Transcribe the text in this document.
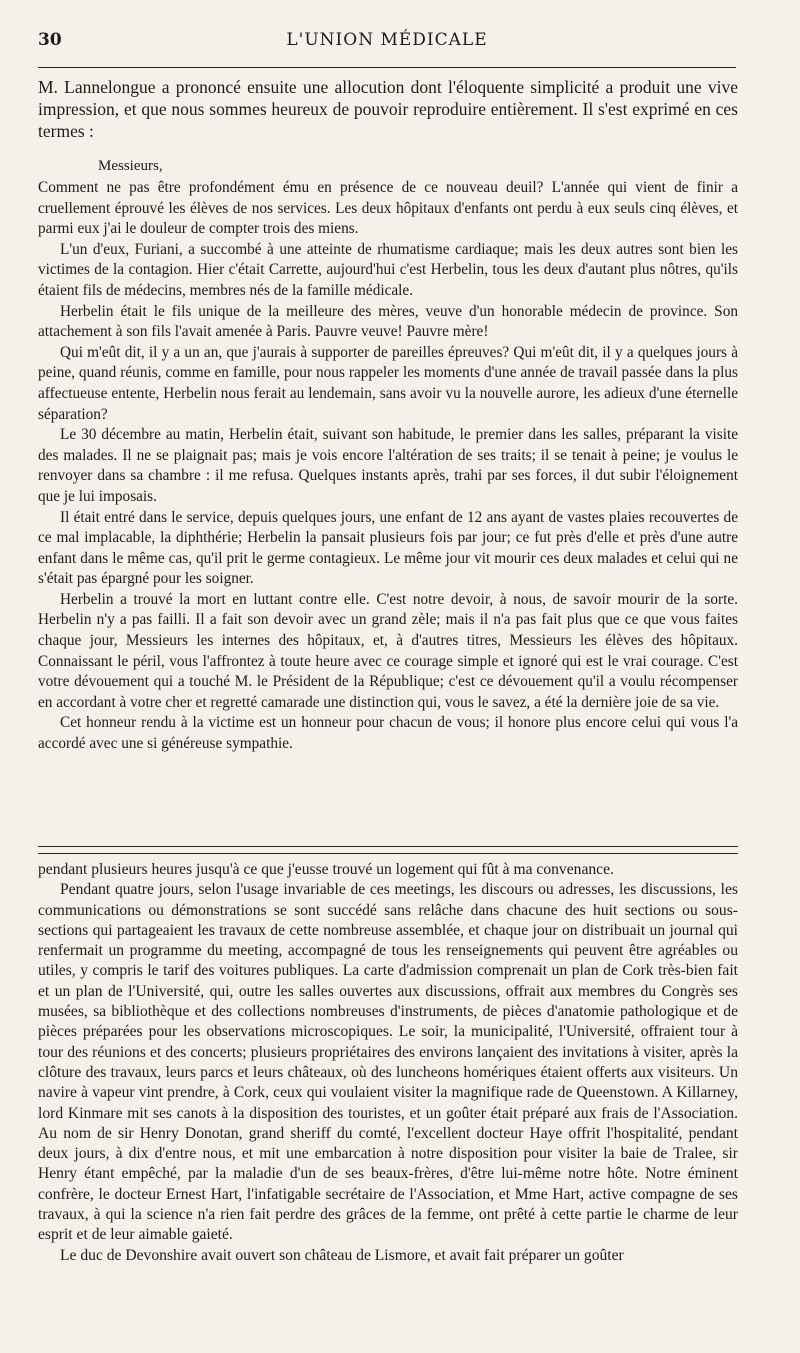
30	L'UNION MÉDICALE

M. Lannelongue a prononcé ensuite une allocution dont l'éloquente simplicité a produit une vive impression, et que nous sommes heureux de pouvoir reproduire entièrement. Il s'est exprimé en ces termes :

Messieurs,

Comment ne pas être profondément ému en présence de ce nouveau deuil? L'année qui vient de finir a cruellement éprouvé les élèves de nos services. Les deux hôpitaux d'enfants ont perdu à eux seuls cinq élèves, et parmi eux j'ai le douleur de compter trois des miens.

L'un d'eux, Furiani, a succombé à une atteinte de rhumatisme cardiaque; mais les deux autres sont bien les victimes de la contagion. Hier c'était Carrette, aujourd'hui c'est Herbelin, tous les deux d'autant plus nôtres, qu'ils étaient fils de médecins, membres nés de la famille médicale.

Herbelin était le fils unique de la meilleure des mères, veuve d'un honorable médecin de province. Son attachement à son fils l'avait amenée à Paris. Pauvre veuve! Pauvre mère!

Qui m'eût dit, il y a un an, que j'aurais à supporter de pareilles épreuves? Qui m'eût dit, il y a quelques jours à peine, quand réunis, comme en famille, pour nous rappeler les moments d'une année de travail passée dans la plus affectueuse entente, Herbelin nous ferait au lendemain, sans avoir vu la nouvelle aurore, les adieux d'une éternelle séparation?

Le 30 décembre au matin, Herbelin était, suivant son habitude, le premier dans les salles, préparant la visite des malades. Il ne se plaignait pas; mais je vois encore l'altération de ses traits; il se tenait à peine; je voulus le renvoyer dans sa chambre : il me refusa. Quelques instants après, trahi par ses forces, il dut subir l'éloignement que je lui imposais.

Il était entré dans le service, depuis quelques jours, une enfant de 12 ans ayant de vastes plaies recouvertes de ce mal implacable, la diphthérie; Herbelin la pansait plusieurs fois par jour; ce fut près d'elle et près d'une autre enfant dans le même cas, qu'il prit le germe contagieux. Le même jour vit mourir ces deux malades et celui qui ne s'était pas épargné pour les soigner.

Herbelin a trouvé la mort en luttant contre elle. C'est notre devoir, à nous, de savoir mourir de la sorte. Herbelin n'y a pas failli. Il a fait son devoir avec un grand zèle; mais il n'a pas fait plus que ce que vous faites chaque jour, Messieurs les internes des hôpitaux, et, à d'autres titres, Messieurs les élèves des hôpitaux. Connaissant le péril, vous l'affrontez à toute heure avec ce courage simple et ignoré qui est le vrai courage. C'est votre dévouement qui a touché M. le Président de la République; c'est ce dévouement qu'il a voulu récompenser en accordant à votre cher et regretté camarade une distinction qui, vous le savez, a été la dernière joie de sa vie.

Cet honneur rendu à la victime est un honneur pour chacun de vous; il honore plus encore celui qui vous l'a accordé avec une si généreuse sympathie.

pendant plusieurs heures jusqu'à ce que j'eusse trouvé un logement qui fût à ma convenance.

Pendant quatre jours, selon l'usage invariable de ces meetings, les discours ou adresses, les discussions, les communications ou démonstrations se sont succédé sans relâche dans chacune des huit sections ou sous-sections qui partageaient les travaux de cette nombreuse assemblée, et chaque jour on distribuait un journal qui renfermait un programme du meeting, accompagné de tous les renseignements qui peuvent être agréables ou utiles, y compris le tarif des voitures publiques. La carte d'admission comprenait un plan de Cork très-bien fait et un plan de l'Université, qui, outre les salles ouvertes aux discussions, offrait aux membres du Congrès ses musées, sa bibliothèque et des collections nombreuses d'instruments, de pièces d'anatomie pathologique et de pièces préparées pour les observations microscopiques. Le soir, la municipalité, l'Université, offraient tour à tour des réunions et des concerts; plusieurs propriétaires des environs lançaient des invitations à visiter, après la clôture des travaux, leurs parcs et leurs châteaux, où des luncheons homériques étaient offerts aux visiteurs. Un navire à vapeur vint prendre, à Cork, ceux qui voulaient visiter la magnifique rade de Queenstown. A Killarney, lord Kinmare mit ses canots à la disposition des touristes, et un goûter était préparé aux frais de l'Association. Au nom de sir Henry Donotan, grand sheriff du comté, l'excellent docteur Haye offrit l'hospitalité, pendant deux jours, à dix d'entre nous, et mit une embarcation à notre disposition pour visiter la baie de Tralee, sir Henry étant empêché, par la maladie d'un de ses beaux-frères, d'être lui-même notre hôte. Notre éminent confrère, le docteur Ernest Hart, l'infatigable secrétaire de l'Association, et Mme Hart, active compagne de ses travaux, à qui la science n'a rien fait perdre des grâces de la femme, ont prêté à cette partie le charme de leur esprit et de leur aimable gaieté.

Le duc de Devonshire avait ouvert son château de Lismore, et avait fait préparer un goûter
